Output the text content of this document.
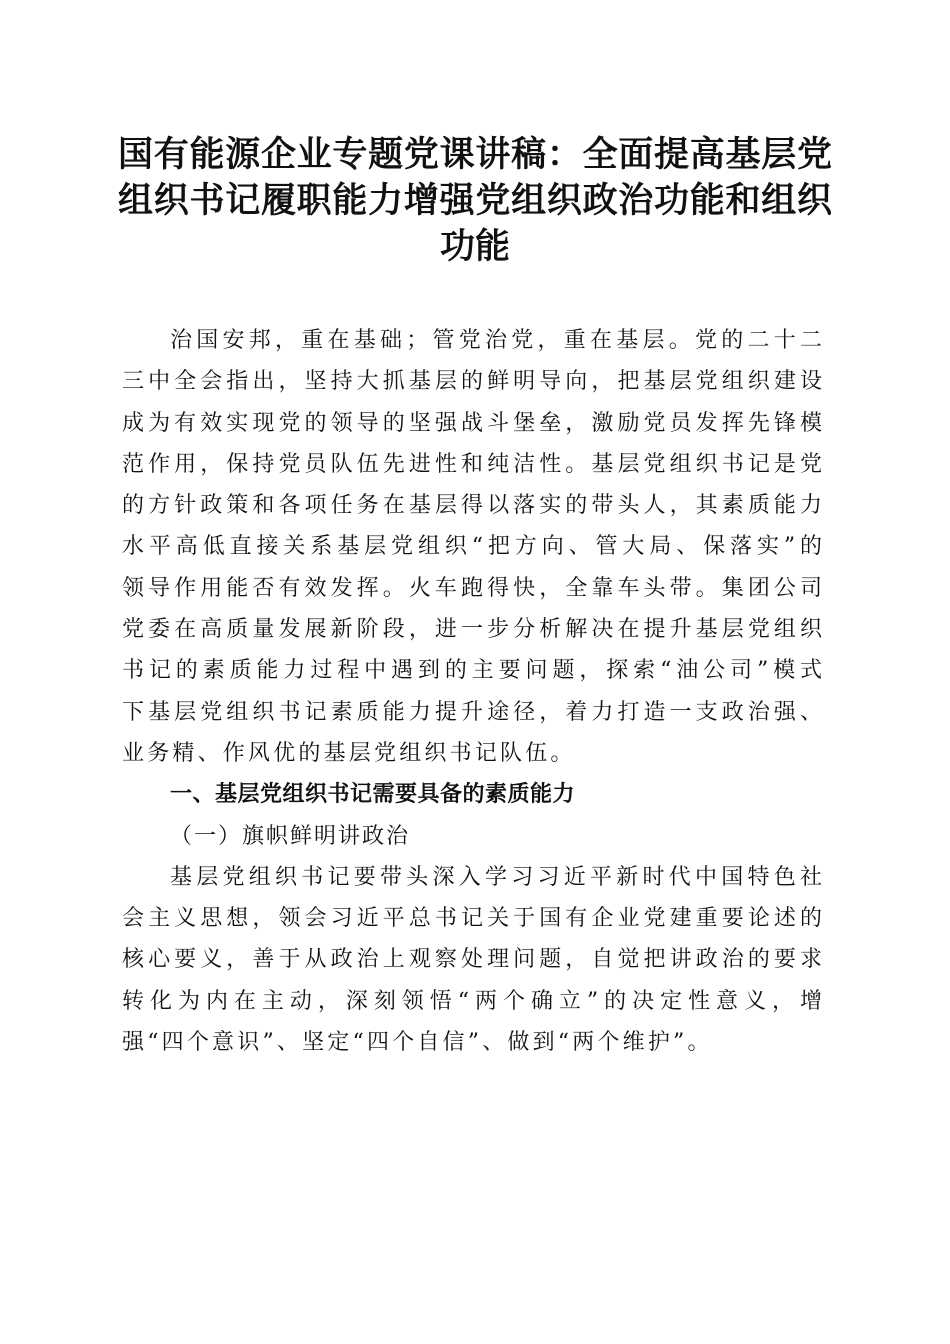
国有能源企业专题党课讲稿：全面提高基层党
组织书记履职能力增强党组织政治功能和组织
功能
治国安邦，重在基础；管党治党，重在基层。党的二十二
三中全会指出，坚持大抓基层的鲜明导向，把基层党组织建设
成为有效实现党的领导的坚强战斗堡垒，激励党员发挥先锋模
范作用，保持党员队伍先进性和纯洁性。基层党组织书记是党
的方针政策和各项任务在基层得以落实的带头人，其素质能力
水平高低直接关系基层党组织“把方向、管大局、保落实”的
领导作用能否有效发挥。火车跑得快，全靠车头带。集团公司
党委在高质量发展新阶段，进一步分析解决在提升基层党组织
书记的素质能力过程中遇到的主要问题，探索“油公司”模式
下基层党组织书记素质能力提升途径，着力打造一支政治强、
业务精、作风优的基层党组织书记队伍。
一、基层党组织书记需要具备的素质能力
（一）旗帜鲜明讲政治
基层党组织书记要带头深入学习习近平新时代中国特色社
会主义思想，领会习近平总书记关于国有企业党建重要论述的
核心要义，善于从政治上观察处理问题，自觉把讲政治的要求
转化为内在主动，深刻领悟“两个确立”的决定性意义，增
强“四个意识”、坚定“四个自信”、做到“两个维护”。
